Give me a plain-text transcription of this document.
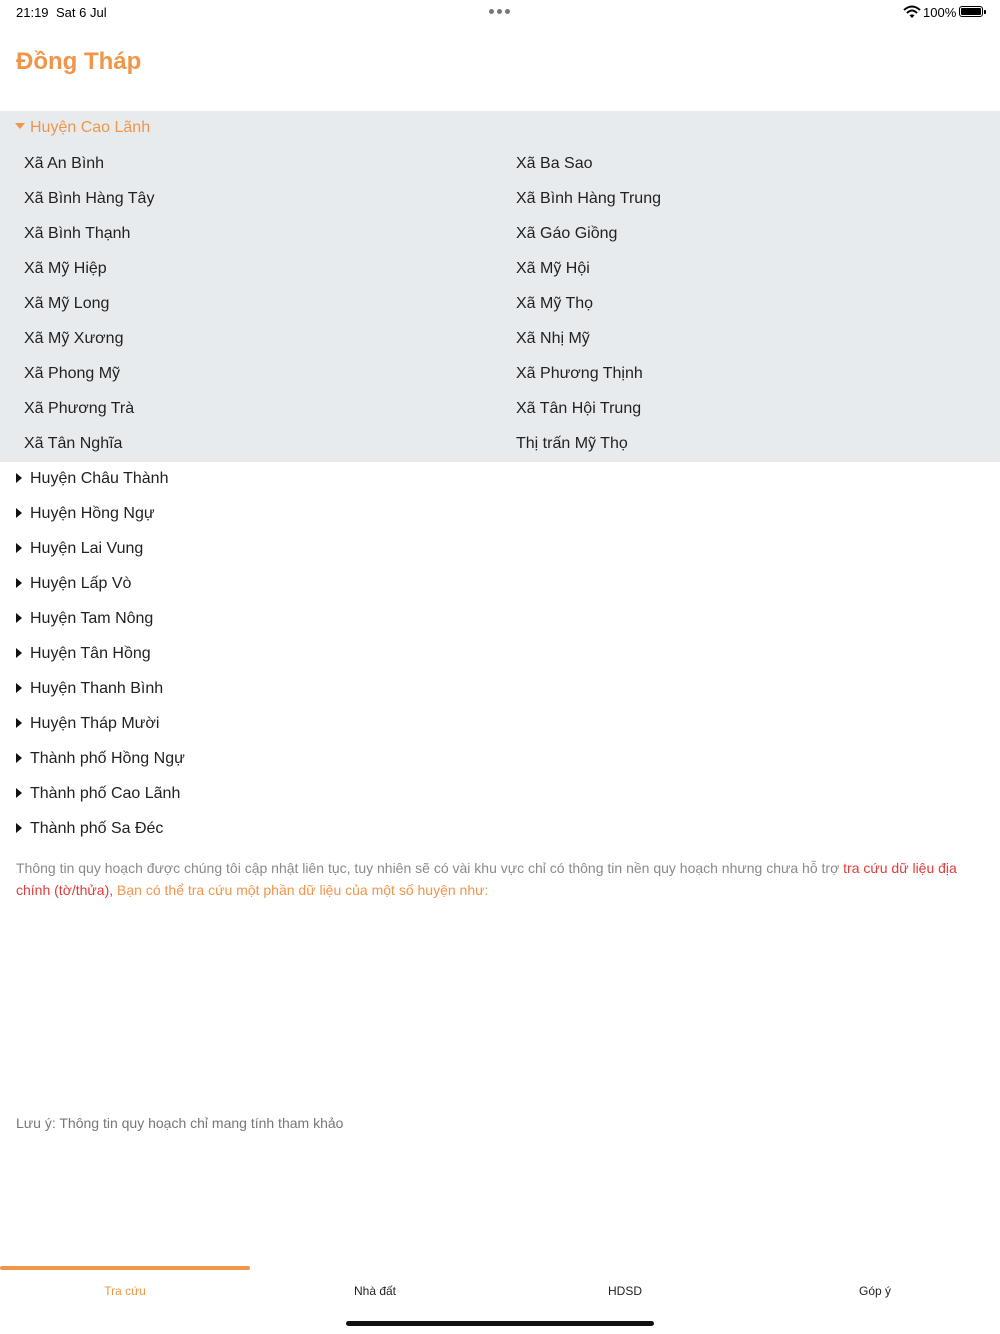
21:19 Sat 6 Jul	100%
Đồng Tháp
Huyện Cao Lãnh
Xã An Bình	Xã Ba Sao
Xã Bình Hàng Tây	Xã Bình Hàng Trung
Xã Bình Thạnh	Xã Gáo Giồng
Xã Mỹ Hiệp	Xã Mỹ Hội
Xã Mỹ Long	Xã Mỹ Thọ
Xã Mỹ Xương	Xã Nhị Mỹ
Xã Phong Mỹ	Xã Phương Thịnh
Xã Phương Trà	Xã Tân Hội Trung
Xã Tân Nghĩa	Thị trấn Mỹ Thọ
Huyện Châu Thành
Huyện Hồng Ngự
Huyện Lai Vung
Huyện Lấp Vò
Huyện Tam Nông
Huyện Tân Hồng
Huyện Thanh Bình
Huyện Tháp Mười
Thành phố Hồng Ngự
Thành phố Cao Lãnh
Thành phố Sa Đéc
Thông tin quy hoạch được chúng tôi cập nhật liên tục, tuy nhiên sẽ có vài khu vực chỉ có thông tin nền quy hoạch nhưng chưa hỗ trợ tra cứu dữ liệu địa chính (tờ/thửa), Bạn có thể tra cứu một phần dữ liệu của một số huyện như:
Lưu ý: Thông tin quy hoạch chỉ mang tính tham khảo
Tra cứu	Nhà đất	HDSD	Góp ý
